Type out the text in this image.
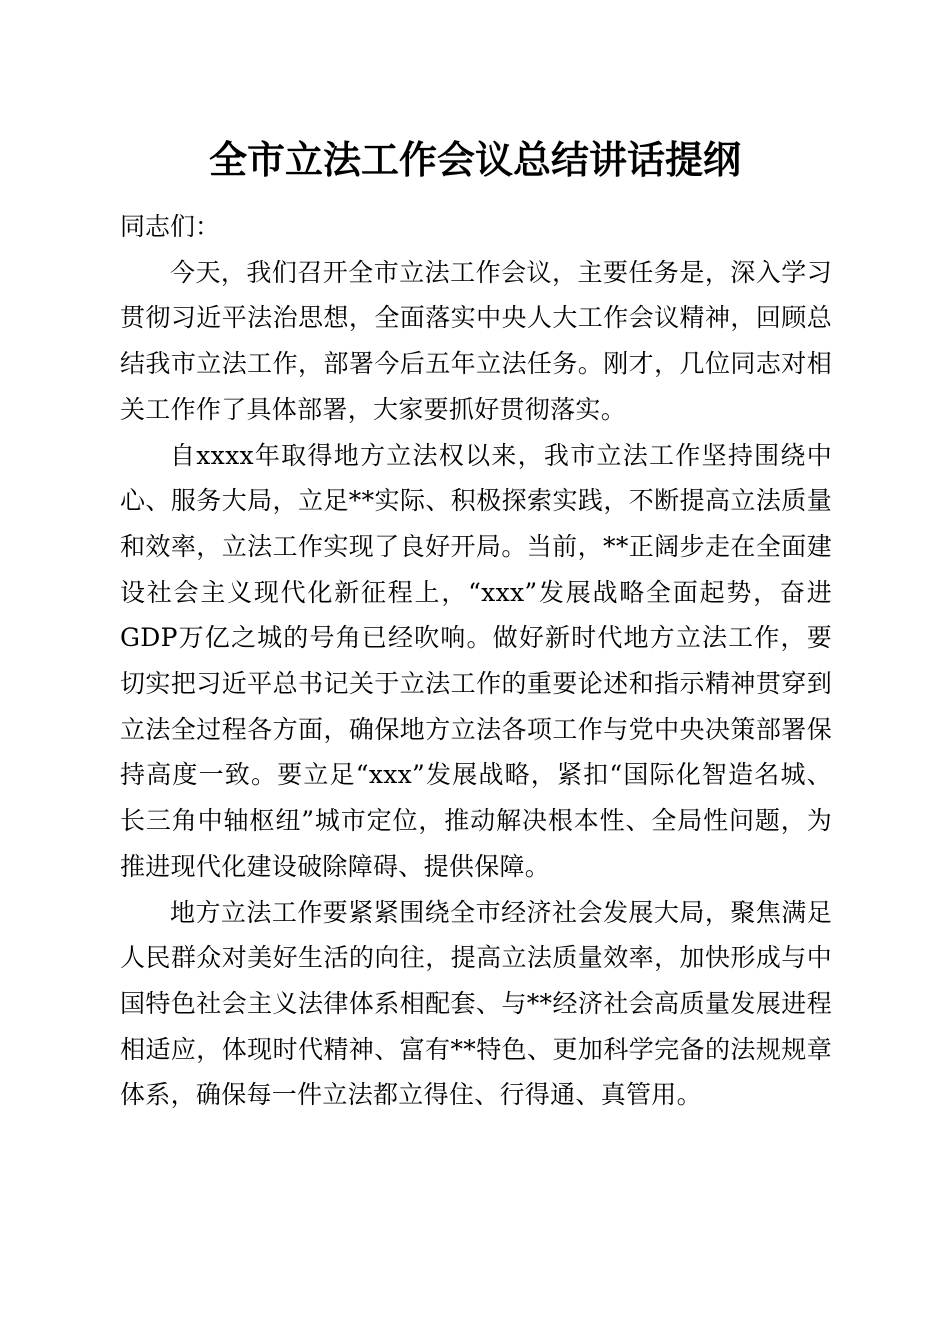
全市立法工作会议总结讲话提纲

同志们：

今天，我们召开全市立法工作会议，主要任务是，深入学习贯彻习近平法治思想，全面落实中央人大工作会议精神，回顾总结我市立法工作，部署今后五年立法任务。刚才，几位同志对相关工作作了具体部署，大家要抓好贯彻落实。

自xxxx年取得地方立法权以来，我市立法工作坚持围绕中心、服务大局，立足**实际、积极探索实践，不断提高立法质量和效率，立法工作实现了良好开局。当前，**正阔步走在全面建设社会主义现代化新征程上，“xxx”发展战略全面起势，奋进GDP万亿之城的号角已经吹响。做好新时代地方立法工作，要切实把习近平总书记关于立法工作的重要论述和指示精神贯穿到立法全过程各方面，确保地方立法各项工作与党中央决策部署保持高度一致。要立足“xxx”发展战略，紧扣“国际化智造名城、长三角中轴枢纽”城市定位，推动解决根本性、全局性问题，为推进现代化建设破除障碍、提供保障。

地方立法工作要紧紧围绕全市经济社会发展大局，聚焦满足人民群众对美好生活的向往，提高立法质量效率，加快形成与中国特色社会主义法律体系相配套、与**经济社会高质量发展进程相适应，体现时代精神、富有**特色、更加科学完备的法规规章体系，确保每一件立法都立得住、行得通、真管用。
